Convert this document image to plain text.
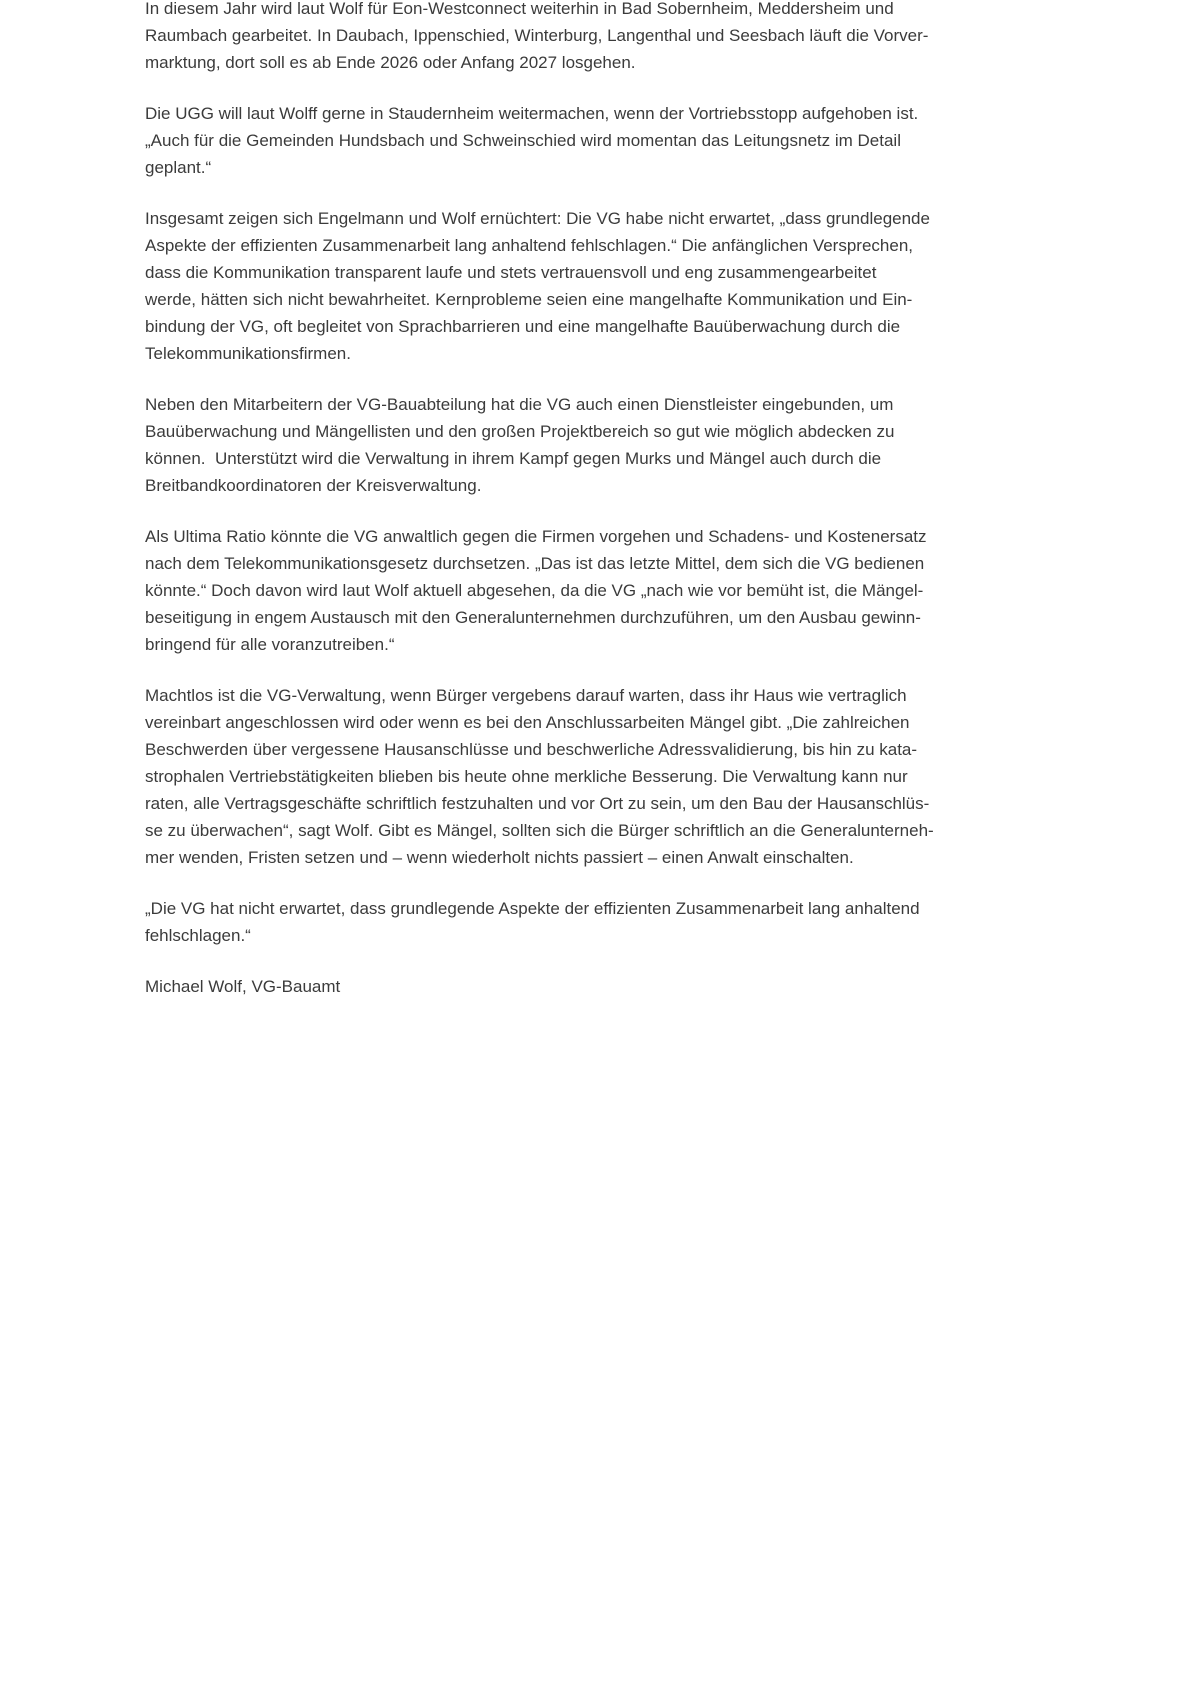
In diesem Jahr wird laut Wolf für Eon-Westconnect weiterhin in Bad Sobernheim, Meddersheim und
Raumbach gearbeitet. In Daubach, Ippenschied, Winterburg, Langenthal und Seesbach läuft die Vorver-
marktung, dort soll es ab Ende 2026 oder Anfang 2027 losgehen.

Die UGG will laut Wolff gerne in Staudernheim weitermachen, wenn der Vortriebsstopp aufgehoben ist.
„Auch für die Gemeinden Hundsbach und Schweinschied wird momentan das Leitungsnetz im Detail
geplant.“

Insgesamt zeigen sich Engelmann und Wolf ernüchtert: Die VG habe nicht erwartet, „dass grundlegende
Aspekte der effizienten Zusammenarbeit lang anhaltend fehlschlagen.“ Die anfänglichen Versprechen,
dass die Kommunikation transparent laufe und stets vertrauensvoll und eng zusammengearbeitet
werde, hätten sich nicht bewahrheitet. Kernprobleme seien eine mangelhafte Kommunikation und Ein-
bindung der VG, oft begleitet von Sprachbarrieren und eine mangelhafte Bauüberwachung durch die
Telekommunikationsfirmen.

Neben den Mitarbeitern der VG-Bauabteilung hat die VG auch einen Dienstleister eingebunden, um
Bauüberwachung und Mängellisten und den großen Projektbereich so gut wie möglich abdecken zu
können.  Unterstützt wird die Verwaltung in ihrem Kampf gegen Murks und Mängel auch durch die
Breitbandkoordinatoren der Kreisverwaltung.

Als Ultima Ratio könnte die VG anwaltlich gegen die Firmen vorgehen und Schadens- und Kostenersatz
nach dem Telekommunikationsgesetz durchsetzen. „Das ist das letzte Mittel, dem sich die VG bedienen
könnte.“ Doch davon wird laut Wolf aktuell abgesehen, da die VG „nach wie vor bemüht ist, die Mängel-
beseitigung in engem Austausch mit den Generalunternehmen durchzuführen, um den Ausbau gewinn-
bringend für alle voranzutreiben.“

Machtlos ist die VG-Verwaltung, wenn Bürger vergebens darauf warten, dass ihr Haus wie vertraglich
vereinbart angeschlossen wird oder wenn es bei den Anschlussarbeiten Mängel gibt. „Die zahlreichen
Beschwerden über vergessene Hausanschlüsse und beschwerliche Adressvalidierung, bis hin zu kata-
strophalen Vertriebstätigkeiten blieben bis heute ohne merkliche Besserung. Die Verwaltung kann nur
raten, alle Vertragsgeschäfte schriftlich festzuhalten und vor Ort zu sein, um den Bau der Hausanschlüs-
se zu überwachen“, sagt Wolf. Gibt es Mängel, sollten sich die Bürger schriftlich an die Generalunterneh-
mer wenden, Fristen setzen und – wenn wiederholt nichts passiert – einen Anwalt einschalten.

„Die VG hat nicht erwartet, dass grundlegende Aspekte der effizienten Zusammenarbeit lang anhaltend
fehlschlagen.“

Michael Wolf, VG-Bauamt
